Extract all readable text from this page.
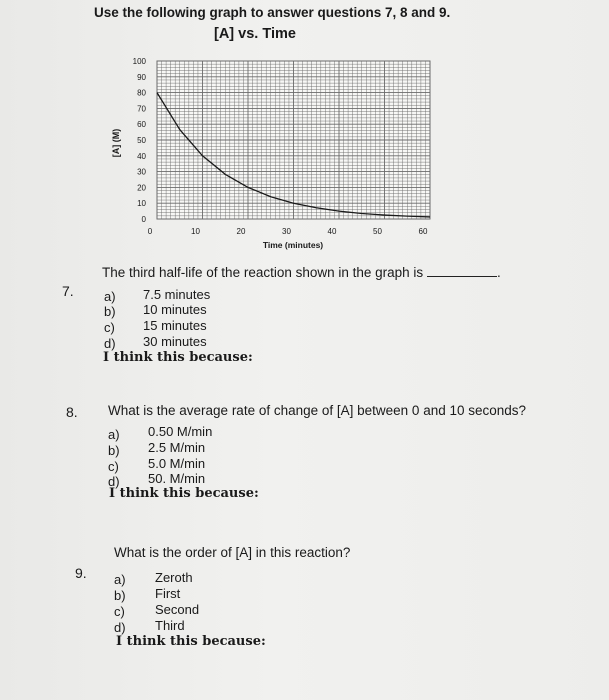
Use the following graph to answer questions 7, 8 and 9.
[A] vs. Time
0
10
20
30
40
50
60
70
80
90
100
0	10	20	30	40	50	60
[A] (M)
Time (minutes)
7.
The third half-life of the reaction shown in the graph is	.
a) 7.5 minutes
b) 10 minutes
c) 15 minutes
d) 30 minutes
I think this because:
8. What is the average rate of change of [A] between 0 and 10 seconds?
a) 0.50 M/min
b) 2.5 M/min
c) 5.0 M/min
d) 50. M/min
I think this because:
9.
What is the order of [A] in this reaction?
a) Zeroth
b) First
c) Second
d) Third
I think this because:
